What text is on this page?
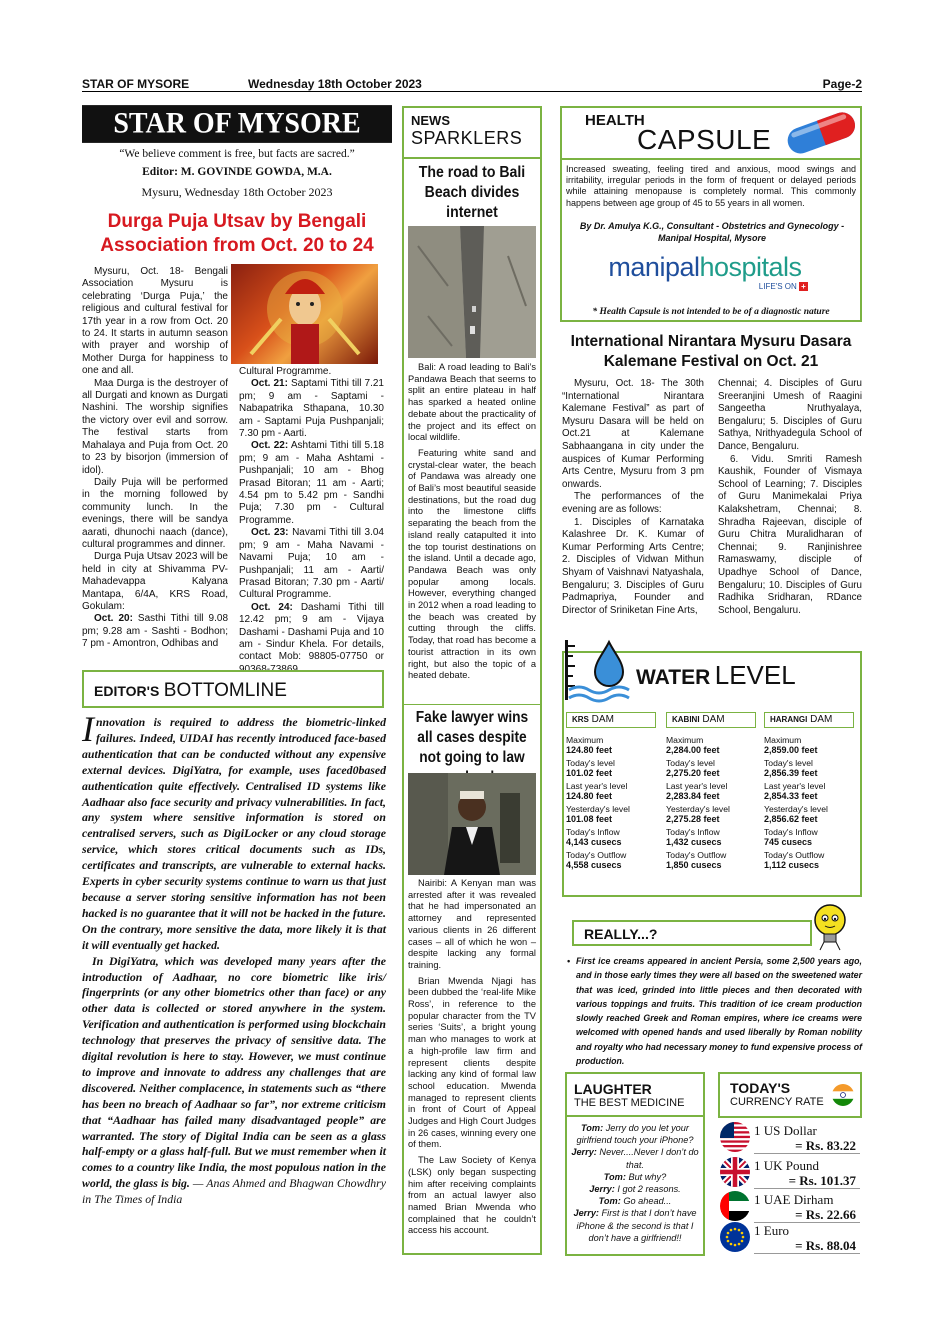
STAR OF MYSORE	Wednesday 18th October 2023	Page-2
STAR OF MYSORE
“We believe comment is free, but facts are sacred.”
Editor: M. GOVINDE GOWDA, M.A.
Mysuru, Wednesday 18th October 2023
Durga Puja Utsav by Bengali
Association from Oct. 20 to 24

Mysuru, Oct. 18- Bengali Association Mysuru is celebrating ‘Durga Puja,’ the religious and cultural festival for 17th year in a row from Oct. 20 to 24. It starts in autumn season with prayer and worship of Mother Durga for happiness to one and all.

Maa Durga is the destroyer of all Durgati and known as Durgati Nashini. The worship signifies the victory over evil and sorrow. The festival starts from Mahalaya and Puja from Oct. 20 to 23 by bisorjon (immersion of idol).

Daily Puja will be performed in the morning followed by community lunch. In the evenings, there will be sandya aarati, dhunochi naach (dance), cultural programmes and dinner.

Durga Puja Utsav 2023 will be held in city at Shivamma PV-Mahadevappa Kalyana Mantapa, 6/4A, KRS Road, Gokulam:

Oct. 20: Sasthi Tithi till 9.08 pm; 9.28 am - Sashti - Bodhon; 7 pm - Amontron, Odhibas and

Cultural Programme.

Oct. 21: Saptami Tithi till 7.21 pm; 9 am - Saptami - Nabapatrika Sthapana, 10.30 am - Saptami Puja Pushpanjali; 7.30 pm - Aarti.

Oct. 22: Ashtami Tithi till 5.18 pm; 9 am - Maha Ashtami - Pushpanjali; 10 am - Bhog Prasad Bitoran; 11 am - Aarti; 4.54 pm to 5.42 pm - Sandhi Puja; 7.30 pm - Cultural Programme.

Oct. 23: Navami Tithi till 3.04 pm; 9 am - Maha Navami - Navami Puja; 10 am - Pushpanjali; 11 am - Aarti/ Prasad Bitoran; 7.30 pm - Aarti/ Cultural Programme.

Oct. 24: Dashami Tithi till 12.42 pm; 9 am - Vijaya Dashami - Dashami Puja and 10 am - Sindur Khela. For details, contact Mob: 98805-07750 or 90368-73869.

EDITOR'S BOTTOMLINE

Innovation is required to address the biometric-linked failures. Indeed, UIDAI has recently introduced face-based authentication that can be conducted without any expensive external devices. DigiYatra, for example, uses faced0based authentication quite effectively. Centralised ID systems like Aadhaar also face security and privacy vulnerabilities. In fact, any system where sensitive information is stored on centralised servers, such as DigiLocker or any cloud storage service, which stores critical documents such as IDs, certificates and transcripts, are vulnerable to external hacks. Experts in cyber security systems continue to warn us that just because a server storing sensitive information has not been hacked is no guarantee that it will not be hacked in the future. On the contrary, more sensitive the data, more likely it is that it will eventually get hacked.

In DigiYatra, which was developed many years after the introduction of Aadhaar, no core biometric like iris/ fingerprints (or any other biometrics other than face) or any other data is collected or stored anywhere in the system. Verification and authentication is performed using blockchain technology that preserves the privacy of sensitive data. The digital revolution is here to stay. However, we must continue to improve and innovate to address any challenges that are discovered. Neither complacence, in statements such as “there has been no breach of Aadhaar so far”, nor extreme criticism that “Aadhaar has failed many disadvantaged people” are warranted. The story of Digital India can be seen as a glass half-empty or a glass half-full. But we must remember when it comes to a country like India, the most populous nation in the world, the glass is big. — Anas Ahmed and Bhagwan Chowdhry in The Times of India

NEWS
SPARKLERS
The road to Bali Beach divides internet

Bali: A road leading to Bali’s Pandawa Beach that seems to split an entire plateau in half has sparked a heated online debate about the practicality of the project and its effect on local wildlife.

Featuring white sand and crystal-clear water, the beach of Pandawa was already one of Bali’s most beautiful seaside destinations, but the road dug into the limestone cliffs separating the beach from the island really catapulted it into the top tourist destinations on the island. Until a decade ago, Pandawa Beach was only popular among locals. However, everything changed in 2012 when a road leading to the beach was created by cutting through the cliffs. Today, that road has become a tourist attraction in its own right, but also the topic of a heated debate.

Fake lawyer wins all cases despite not going to law

Nairibi: A Kenyan man was arrested after it was revealed that he had impersonated an attorney and represented various clients in 26 different cases – all of which he won – despite lacking any formal training.

Brian Mwenda Njagi has been dubbed the ‘real-life Mike Ross’, in reference to the popular character from the TV series ‘Suits’, a bright young man who manages to work at a high-profile law firm and represent clients despite lacking any kind of formal law school education. Mwenda managed to represent clients in front of Court of Appeal Judges and High Court Judges in 26 cases, winning every one of them.

The Law Society of Kenya (LSK) only began suspecting him after receiving complaints from an actual lawyer also named Brian Mwenda who complained that he couldn’t access his account.

HEALTH
CAPSULE
Increased sweating, feeling tired and anxious, mood swings and irritability, irregular periods in the form of frequent or delayed periods while attaining menopause is completely normal. This commonly happens between age group of 45 to 55 years in all women.
By Dr. Amulya K.G., Consultant - Obstetrics and Gynecology - Manipal Hospital, Mysore
manipalhospitals
LIFE'S ON +
* Health Capsule is not intended to be of a diagnostic nature
International Nirantara Mysuru Dasara
Kalemane Festival on Oct. 21

Mysuru, Oct. 18- The 30th “International Nirantara Kalemane Festival” as part of Mysuru Dasara will be held on Oct.21 at Kalemane Sabhaangana in city under the auspices of Kumar Performing Arts Centre, Mysuru from 3 pm onwards.

The performances of the evening are as follows:

1. Disciples of Karnataka Kalashree Dr. K. Kumar of Kumar Performing Arts Centre; 2. Disciples of Vidwan Mithun Shyam of Vaishnavi Natyashala, Bengaluru; 3. Disciples of Guru Padmapriya, Founder and Director of Sriniketan Fine Arts,

Chennai; 4. Disciples of Guru Sreeranjini Umesh of Raagini Sangeetha Nruthyalaya, Bengaluru; 5. Disciples of Guru Sathya, Nrithyadegula School of Dance, Bengaluru.

6. Vidu. Smriti Ramesh Kaushik, Founder of Vismaya School of Learning; 7. Disciples of Guru Manimekalai Priya Kalakshetram, Chennai; 8. Shradha Rajeevan, disciple of Guru Chitra Muralidharan of Chennai; 9. Ranjinishree Ramaswamy, disciple of Upadhye School of Dance, Bengaluru; 10. Disciples of Guru Radhika Sridharan, RDance School, Bengaluru.

WATER LEVEL
KRS DAM
Maximum
124.80 feet
Today's level
101.02 feet
Last year's level
124.80 feet
Yesterday's level
101.08 feet
Today's Inflow
4,143 cusecs
Today's Outflow
4,558 cusecs
KABINI DAM
Maximum
2,284.00 feet
Today's level
2,275.20 feet
Last year's level
2,283.84 feet
Yesterday's level
2,275.28 feet
Today's Inflow
1,432 cusecs
Today's Outflow
1,850 cusecs
HARANGI DAM
Maximum
2,859.00 feet
Today's level
2,856.39 feet
Last year's level
2,854.33 feet
Yesterday's level
2,856.62 feet
Today's Inflow
745 cusecs
Today's Outflow
1,112 cusecs
REALLY...?
• First ice creams appeared in ancient Persia, some 2,500 years ago, and in those early times they were all based on the sweetened water that was iced, grinded into little pieces and then decorated with various toppings and fruits. This tradition of ice cream production slowly reached Greek and Roman empires, where ice creams were welcomed with opened hands and used liberally by Roman nobility and royalty who had necessary money to fund expensive process of production.
LAUGHTER
THE BEST MEDICINE
Tom: Jerry do you let your girlfriend touch your iPhone?
Jerry: Never....Never I don’t do that.
Tom: But why?
Jerry: I got 2 reasons.
Tom: Go ahead...
Jerry: First is that I don’t have iPhone & the second is that I don’t have a girlfriend!!
TODAY'S
CURRENCY RATE
1 US Dollar
= Rs. 83.22
1 UK Pound
= Rs. 101.37
1 UAE Dirham
= Rs. 22.66
1 Euro
= Rs. 88.04
